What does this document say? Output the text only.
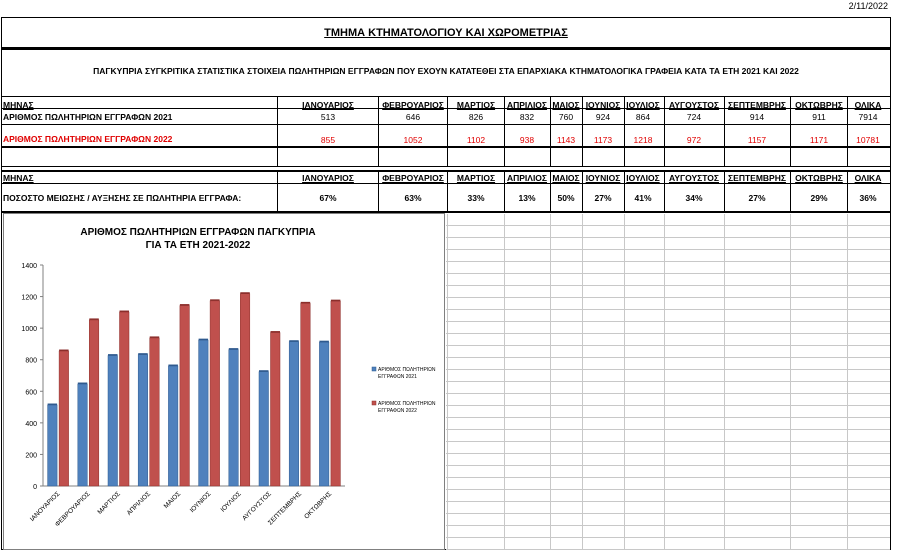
2/11/2022
ΤΜΗΜΑ ΚΤΗΜΑΤΟΛΟΓΙΟΥ ΚΑΙ ΧΩΡΟΜΕΤΡΙΑΣ
ΠΑΓΚΥΠΡΙΑ ΣΥΓΚΡΙΤΙΚΑ ΣΤΑΤΙΣΤΙΚΑ ΣΤΟΙΧΕΙΑ ΠΩΛΗΤΗΡΙΩΝ ΕΓΓΡΑΦΩΝ ΠΟΥ ΕΧΟΥΝ ΚΑΤΑΤΕΘΕΙ ΣΤΑ ΕΠΑΡΧΙΑΚΑ ΚΤΗΜΑΤΟΛΟΓΙΚΑ ΓΡΑΦΕΙΑ ΚΑΤΑ ΤΑ ΕΤΗ 2021 ΚΑΙ 2022
ΜΗΝΑΣ	ΙΑΝΟΥΑΡΙΟΣ	ΦΕΒΡΟΥΑΡΙΟΣ	ΜΑΡΤΙΟΣ	ΑΠΡΙΛΙΟΣ ΜΑΙΟΣ ΙΟΥΝΙΟΣ ΙΟΥΛΙΟΣ	ΑΥΓΟΥΣΤΟΣ	ΣΕΠΤΕΜΒΡΗΣ	ΟΚΤΩΒΡΗΣ	ΟΛΙΚΑ
ΑΡΙΘΜΟΣ ΠΩΛΗΤΗΡΙΩΝ ΕΓΓΡΑΦΩΝ 2021	513	646	826	832	760	924	864	724	914	911	7914
ΑΡΙΘΜΟΣ ΠΩΛΗΤΗΡΙΩΝ ΕΓΓΡΑΦΩΝ 2022	855	1052	1102	938	1143	1173	1218	972	1157	1171	10781
ΜΗΝΑΣ	ΙΑΝΟΥΑΡΙΟΣ	ΦΕΒΡΟΥΑΡΙΟΣ	ΜΑΡΤΙΟΣ	ΑΠΡΙΛΙΟΣ ΜΑΙΟΣ ΙΟΥΝΙΟΣ ΙΟΥΛΙΟΣ	ΑΥΓΟΥΣΤΟΣ	ΣΕΠΤΕΜΒΡΗΣ	ΟΚΤΩΒΡΗΣ	ΟΛΙΚΑ
ΠΟΣΟΣΤΟ ΜΕΙΩΣΗΣ / ΑΥΞΗΣΗΣ ΣΕ ΠΩΛΗΤΗΡΙΑ ΕΓΓΡΑΦΑ:	67%	63%	33%	13%	50%	27%	41%	34%	27%	29%	36%
ΑΡΙΘΜΟΣ ΠΩΛΗΤΗΡΙΩΝ ΕΓΓΡΑΦΩΝ ΠΑΓΚΥΠΡΙΑ
ΓΙΑ ΤΑ ΕΤΗ 2021-2022
0
200
400
600
800
1000
1200
1400
ΙΑΝΟΥΑΡΙΟΣ
ΦΕΒΡΟΥΑΡΙΟΣ ΜΑΡΤΙΟΣ ΑΠΡΙΛΙΟΣ ΜΑΙΟΣ ΙΟΥΝΙΟΣ ΙΟΥΛΙΟΣ
ΑΥΓΟΥΣΤΟΣ
ΣΕΠΤΕΜΒΡΗΣ ΟΚΤΩΒΡΗΣ
ΑΡΙΘΜΟΣ ΠΩΛΗΤΗΡΙΩΝ
ΕΓΓΡΑΦΩΝ 2021
ΑΡΙΘΜΟΣ ΠΩΛΗΤΗΡΙΩΝ
ΕΓΓΡΑΦΩΝ 2022
